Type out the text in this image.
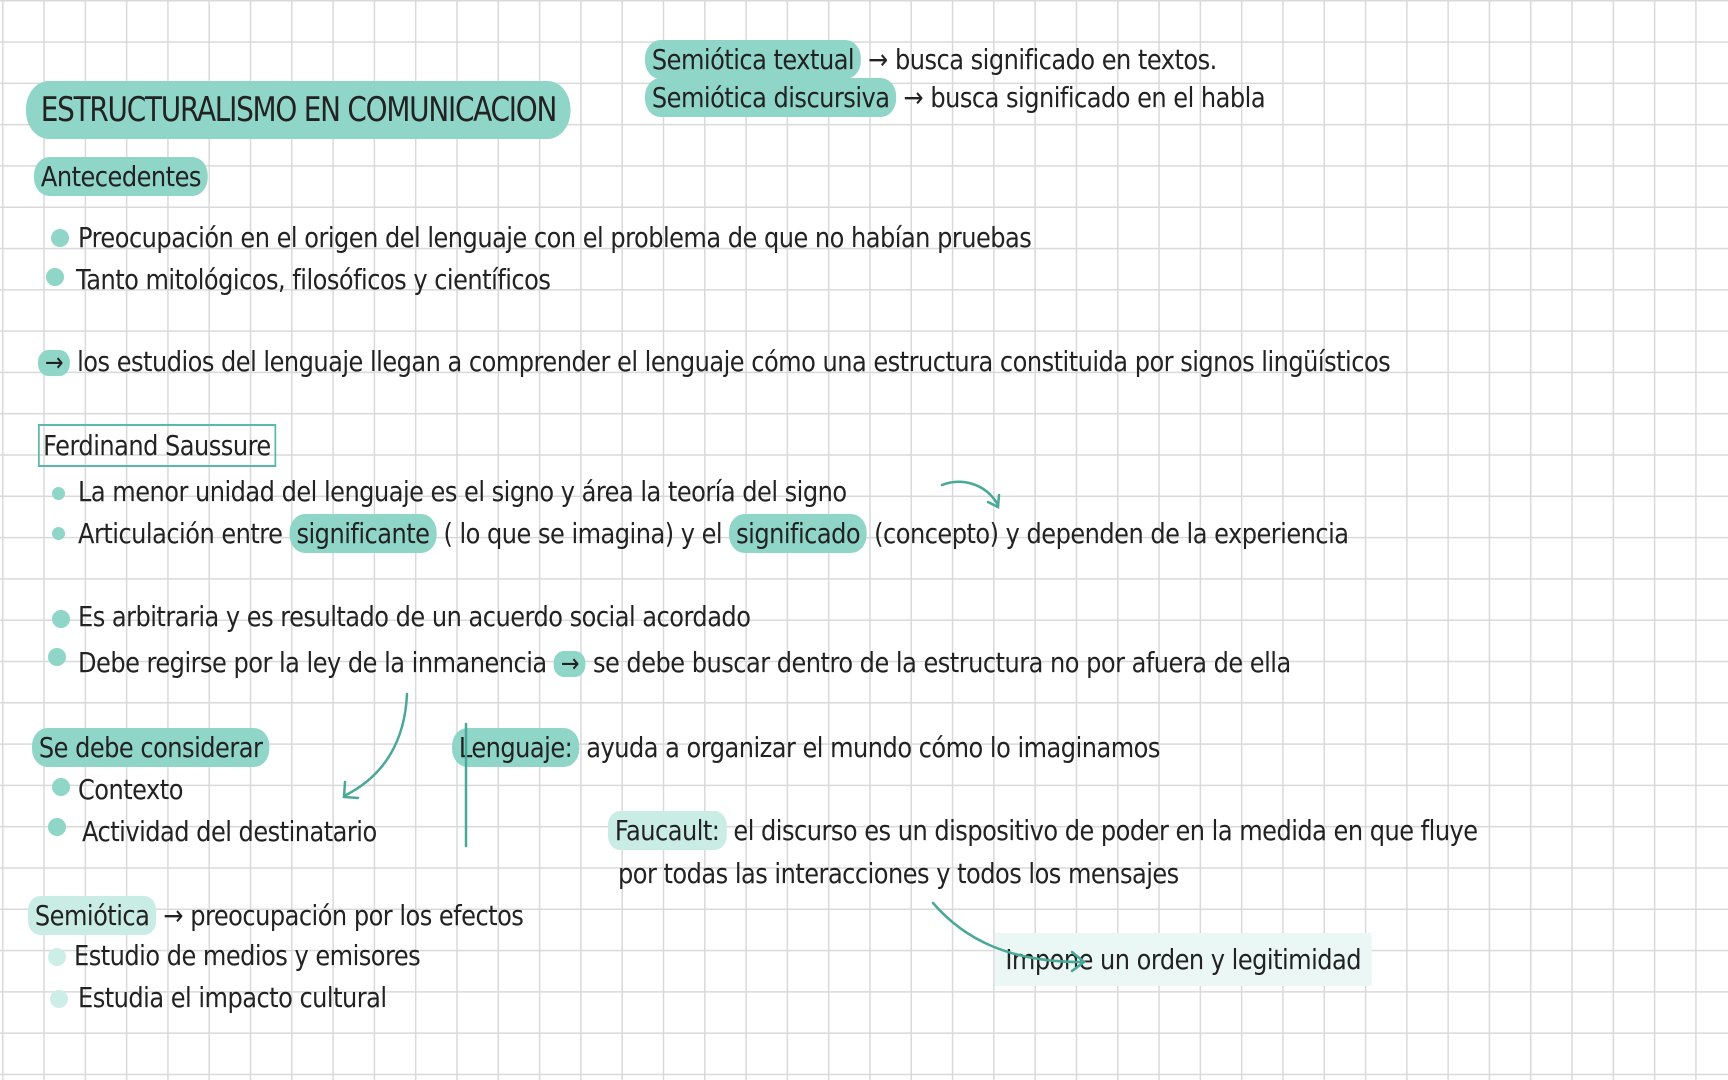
ESTRUCTURALISMO EN COMUNICACION
Semiótica textual → busca significado en textos.
Semiótica discursiva → busca significado en el habla
Antecedentes
Preocupación en el origen del lenguaje con el problema de que no habían pruebas
Tanto mitológicos, filosóficos y científicos
→ los estudios del lenguaje llegan a comprender el lenguaje cómo una estructura constituida por signos lingüísticos
Ferdinand Saussure
La menor unidad del lenguaje es el signo y área la teoría del signo
Articulación entre significante ( lo que se imagina) y el significado (concepto) y dependen de la experiencia
Es arbitraria y es resultado de un acuerdo social acordado
Debe regirse por la ley de la inmanencia → se debe buscar dentro de la estructura no por afuera de ella
Se debe considerar
Contexto
Actividad del destinatario
Lenguaje: ayuda a organizar el mundo cómo lo imaginamos
Faucault: el discurso es un dispositivo de poder en la medida en que fluye
por todas las interacciones y todos los mensajes
Impone un orden y legitimidad
Semiótica → preocupación por los efectos
Estudio de medios y emisores
Estudia el impacto cultural
